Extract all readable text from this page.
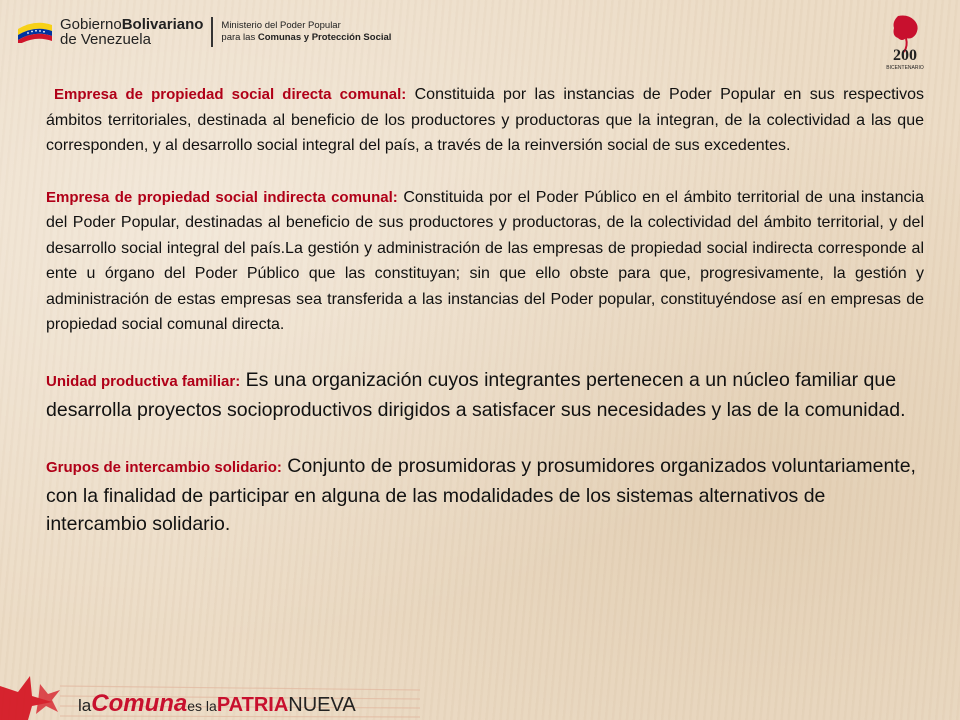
GobiernoBolivariano
de Venezuela
Ministerio del Poder Popular
para las Comunas y Protección Social
200
BICENTENARIO

Empresa de propiedad social directa comunal: Constituida por las instancias de Poder Popular en sus respectivos ámbitos territoriales, destinada al beneficio de los productores y productoras que la integran, de la colectividad a las que corresponden, y al desarrollo social integral del país, a través de la reinversión social de sus excedentes.

Empresa de propiedad social indirecta comunal: Constituida por el Poder Público en el ámbito territorial de una instancia del Poder Popular, destinadas al beneficio de sus productores y productoras, de la colectividad del ámbito territorial, y del desarrollo social integral del país.La gestión y administración de las empresas de propiedad social indirecta corresponde al ente u órgano del Poder Público que las constituyan; sin que ello obste para que, progresivamente, la gestión y administración de estas empresas sea transferida a las instancias del Poder popular, constituyéndose así en empresas de propiedad social comunal directa.

Unidad productiva familiar: Es una organización cuyos integrantes pertenecen a un núcleo familiar que desarrolla proyectos socioproductivos dirigidos a satisfacer sus necesidades y las de la comunidad.

Grupos de intercambio solidario: Conjunto de prosumidoras y prosumidores organizados voluntariamente, con la finalidad de participar en alguna de las modalidades de los sistemas alternativos de intercambio solidario.

laComunaes laPATRIANUEVA
